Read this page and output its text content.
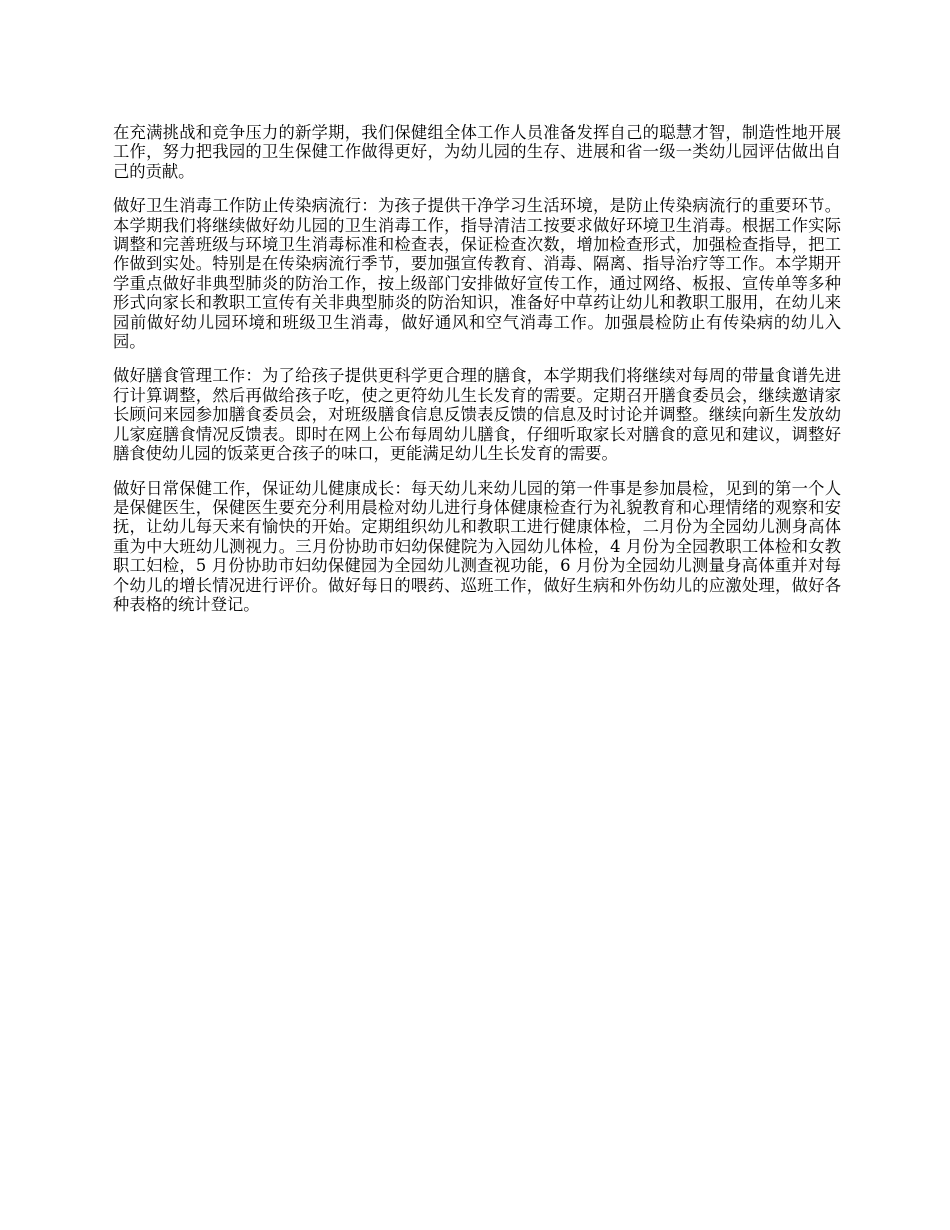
在充满挑战和竞争压力的新学期，我们保健组全体工作人员准备发挥自己的聪慧才智，制造性地开展工作，努力把我园的卫生保健工作做得更好，为幼儿园的生存、进展和省一级一类幼儿园评估做出自己的贡献。

做好卫生消毒工作防止传染病流行：为孩子提供干净学习生活环境，是防止传染病流行的重要环节。本学期我们将继续做好幼儿园的卫生消毒工作，指导清洁工按要求做好环境卫生消毒。根据工作实际调整和完善班级与环境卫生消毒标准和检查表，保证检查次数，增加检查形式，加强检查指导，把工作做到实处。特别是在传染病流行季节，要加强宣传教育、消毒、隔离、指导治疗等工作。本学期开学重点做好非典型肺炎的防治工作，按上级部门安排做好宣传工作，通过网络、板报、宣传单等多种形式向家长和教职工宣传有关非典型肺炎的防治知识，准备好中草药让幼儿和教职工服用，在幼儿来园前做好幼儿园环境和班级卫生消毒，做好通风和空气消毒工作。加强晨检防止有传染病的幼儿入园。

做好膳食管理工作：为了给孩子提供更科学更合理的膳食，本学期我们将继续对每周的带量食谱先进行计算调整，然后再做给孩子吃，使之更符幼儿生长发育的需要。定期召开膳食委员会，继续邀请家长顾问来园参加膳食委员会，对班级膳食信息反馈表反馈的信息及时讨论并调整。继续向新生发放幼儿家庭膳食情况反馈表。即时在网上公布每周幼儿膳食，仔细听取家长对膳食的意见和建议，调整好膳食使幼儿园的饭菜更合孩子的味口，更能满足幼儿生长发育的需要。

做好日常保健工作，保证幼儿健康成长：每天幼儿来幼儿园的第一件事是参加晨检，见到的第一个人是保健医生，保健医生要充分利用晨检对幼儿进行身体健康检查行为礼貌教育和心理情绪的观察和安抚，让幼儿每天来有愉快的开始。定期组织幼儿和教职工进行健康体检，二月份为全园幼儿测身高体重为中大班幼儿测视力。三月份协助市妇幼保健院为入园幼儿体检，4 月份为全园教职工体检和女教职工妇检，5 月份协助市妇幼保健园为全园幼儿测查视功能，6 月份为全园幼儿测量身高体重并对每个幼儿的增长情况进行评价。做好每日的喂药、巡班工作，做好生病和外伤幼儿的应激处理，做好各种表格的统计登记。
